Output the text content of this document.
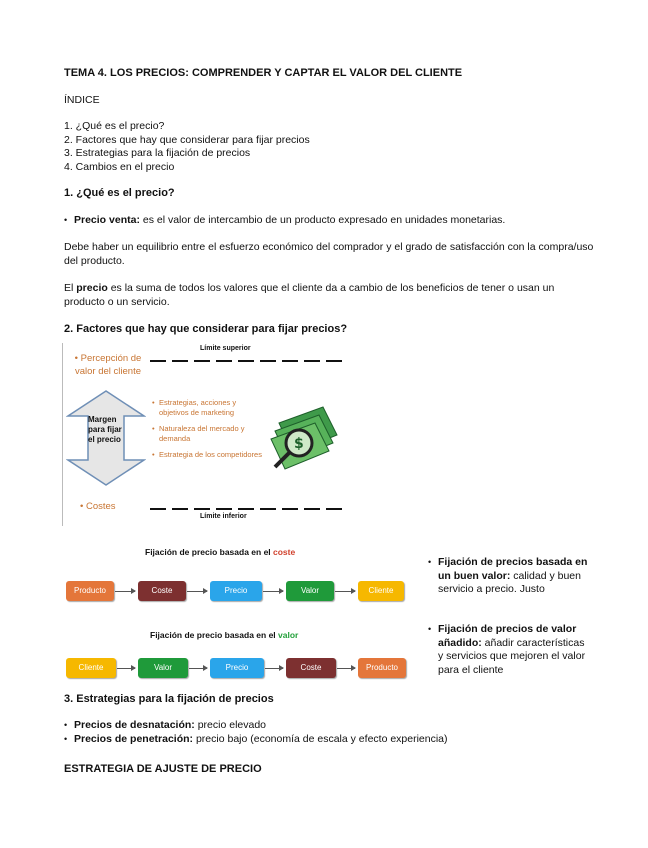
TEMA 4. LOS PRECIOS: COMPRENDER Y CAPTAR EL VALOR DEL CLIENTE
ÍNDICE
1. ¿Qué es el precio?
2. Factores que hay que considerar para fijar precios
3. Estrategias para la fijación de precios
4. Cambios en el precio
1. ¿Qué es el precio?
• Precio venta: es el valor de intercambio de un producto expresado en unidades monetarias.
Debe haber un equilibrio entre el esfuerzo económico del comprador y el grado de satisfacción con la compra/uso del producto.
El precio es la suma de todos los valores que el cliente da a cambio de los beneficios de tener o usan un producto o un servicio.
2. Factores que hay que considerar para fijar precios?
• Percepción de valor del cliente
Límite superior
Margen para fijar el precio
• Estrategias, acciones y objetivos de marketing
• Naturaleza del mercado y demanda
• Estrategia de los competidores
$
• Costes
Límite inferior
Fijación de precio basada en el coste
Producto	Coste	Precio	Valor	Cliente
Fijación de precio basada en el valor
Cliente	Valor	Precio	Coste	Producto
• Fijación de precios basada en un buen valor: calidad y buen servicio a precio. Justo
• Fijación de precios de valor añadido: añadir características y servicios que mejoren el valor para el cliente
3. Estrategias para la fijación de precios
• Precios de desnatación: precio elevado
• Precios de penetración: precio bajo (economía de escala y efecto experiencia)
ESTRATEGIA DE AJUSTE DE PRECIO
